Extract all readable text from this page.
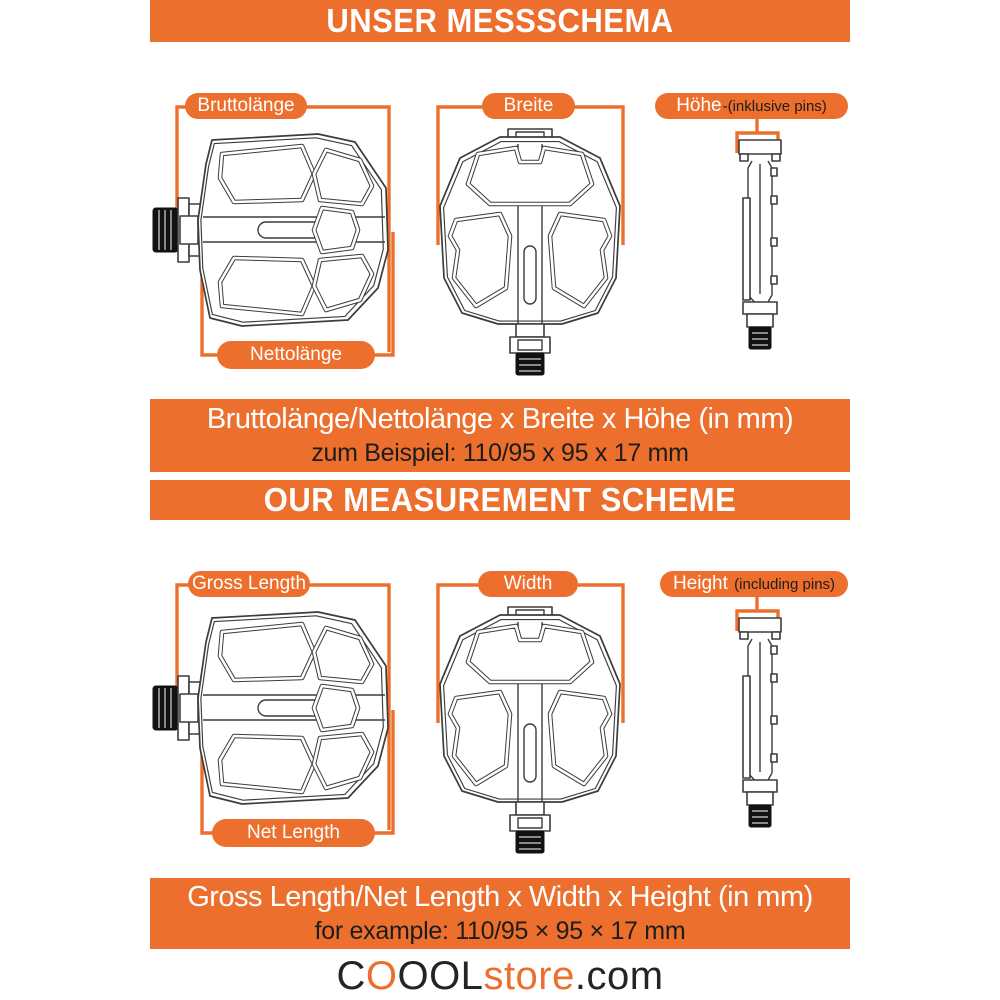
UNSER MESSSCHEMA
Bruttolänge	Breite	Höhe -(inklusive pins)
Nettolänge
Bruttolänge/Nettolänge x Breite x Höhe (in mm)
zum Beispiel: 110/95 x 95 x 17 mm
OUR MEASUREMENT SCHEME
Gross Length	Width	Height
(including pins)
Net Length
Gross Length/Net Length x Width x Height (in mm)
for example: 110/95 × 95 × 17 mm
C O OOL store .com
